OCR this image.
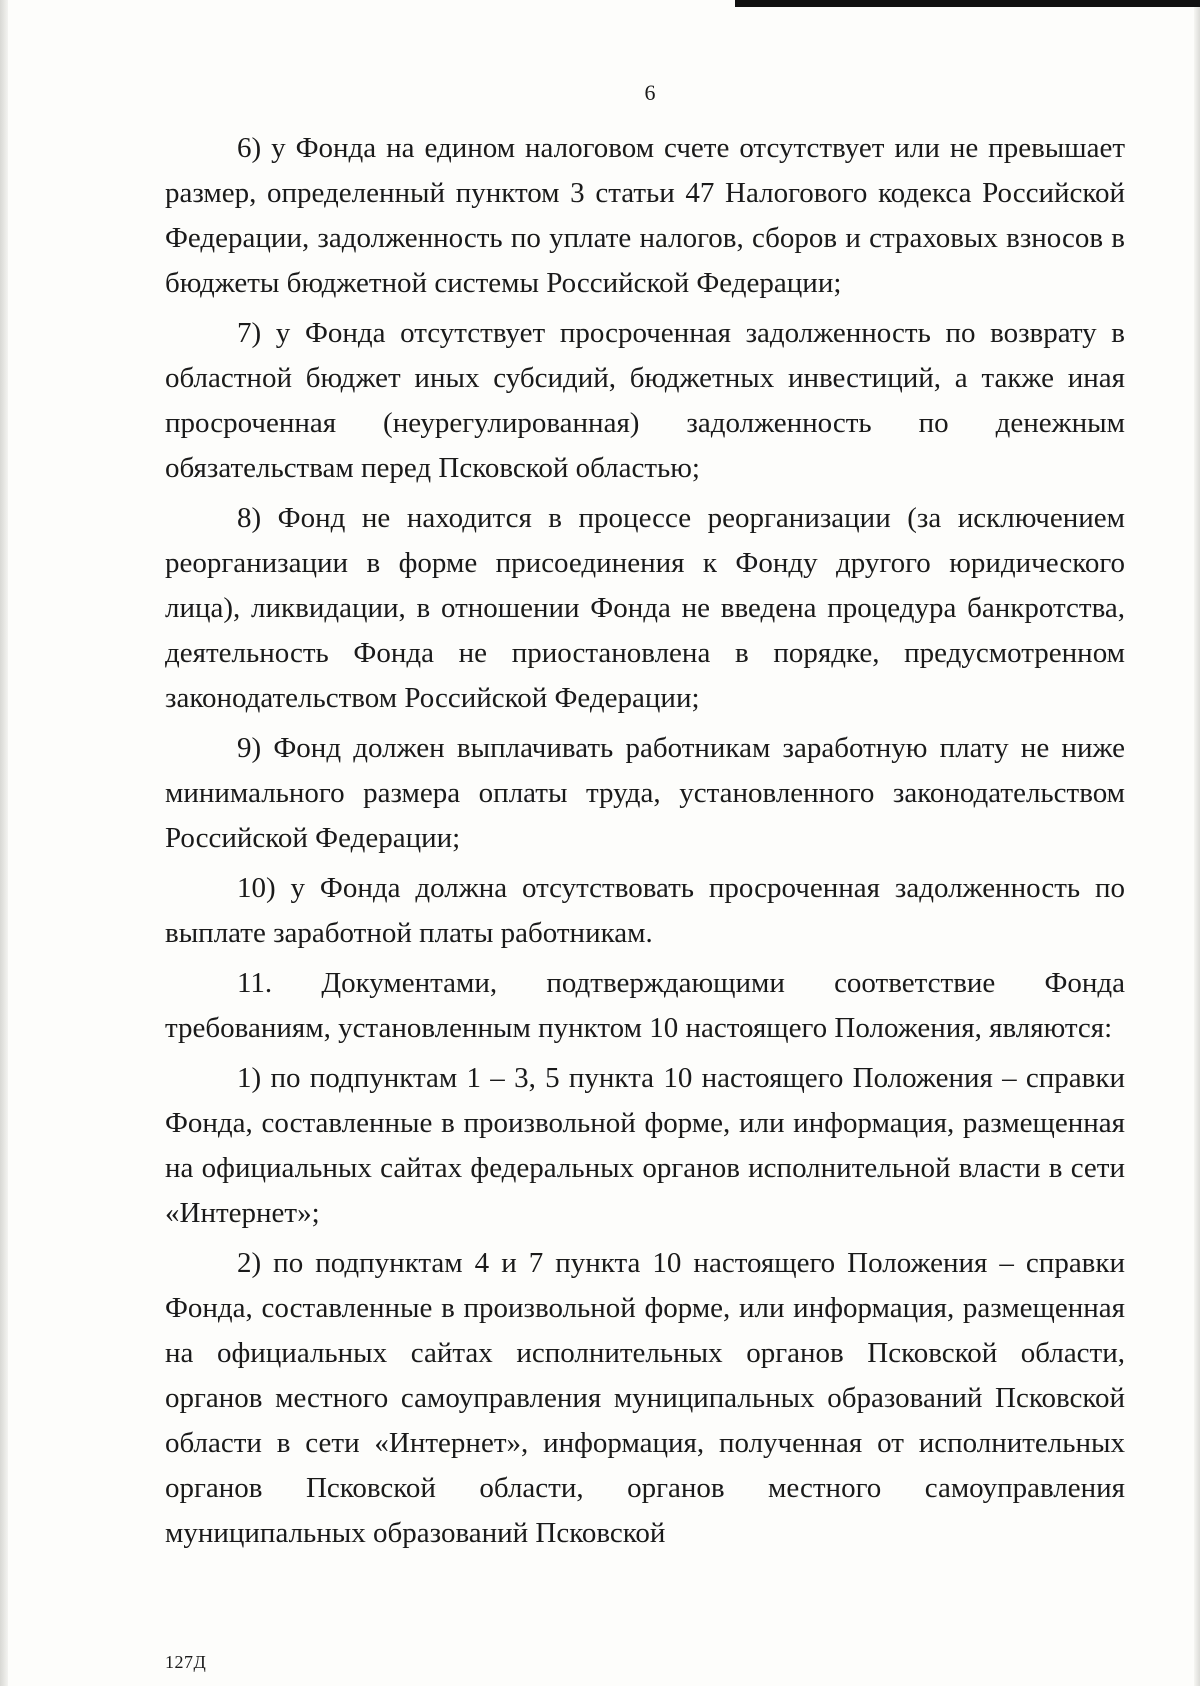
6

6) у Фонда на едином налоговом счете отсутствует или не превышает размер, определенный пунктом 3 статьи 47 Налогового кодекса Российской Федерации, задолженность по уплате налогов, сборов и страховых взносов в бюджеты бюджетной системы Российской Федерации;

7) у Фонда отсутствует просроченная задолженность по возврату в областной бюджет иных субсидий, бюджетных инвестиций, а также иная просроченная (неурегулированная) задолженность по денежным обязательствам перед Псковской областью;

8) Фонд не находится в процессе реорганизации (за исключением реорганизации в форме присоединения к Фонду другого юридического лица), ликвидации, в отношении Фонда не введена процедура банкротства, деятельность Фонда не приостановлена в порядке, предусмотренном законодательством Российской Федерации;

9) Фонд должен выплачивать работникам заработную плату не ниже минимального размера оплаты труда, установленного законодательством Российской Федерации;

10) у Фонда должна отсутствовать просроченная задолженность по выплате заработной платы работникам.

11. Документами, подтверждающими соответствие Фонда требованиям, установленным пунктом 10 настоящего Положения, являются:

1) по подпунктам 1 – 3, 5 пункта 10 настоящего Положения – справки Фонда, составленные в произвольной форме, или информация, размещенная на официальных сайтах федеральных органов исполнительной власти в сети «Интернет»;

2) по подпунктам 4 и 7 пункта 10 настоящего Положения – справки Фонда, составленные в произвольной форме, или информация, размещенная на официальных сайтах исполнительных органов Псковской области, органов местного самоуправления муниципальных образований Псковской области в сети «Интернет», информация, полученная от исполнительных органов Псковской области, органов местного самоуправления муниципальных образований Псковской

127Д
